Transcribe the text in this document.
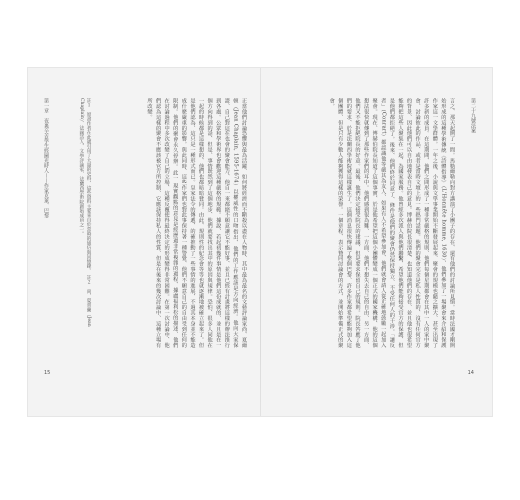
第一章　夜裏辛苦學生經圖光時人——作家克萊、巴黎	註１　原書作者在此處引用了大量的史料、這些資料主要來自於當時的通信與回憶錄。　註２　尚、夏普蘭（Jean Chaplain）、法國詩人、文學評論家、法蘭西學術院創始成員之一。	正當他們討論恐懼與最為活躍、如何將經濟而不斷殺以盡在人物時、其中最為最名的文藝評論家尚、夏爾頓（Jean Chaplain, 1595-1674）以權威性的口吻指出、他們的工作應該是方向經濟。他向大家保證、自己對這在也會的聚會能力、他自一來都絕不願意讓它不能好事、並且已經有計畫將這樣的辦法推行到各處。公眾和學術界也會歡迎這種嚴格的規範。據說、若起初幾件事情是他們這份成就的、並且是在一個方向得到的話、但是、事情既然到了這個地步、他們就要找出其中的原因與規律。恐怕、很多人同他在一起的時候都是這樣想的、他們也都暗暗贊同。由此、規則性的紀念會等等也就逐漸地被確立起來了。但是他們認為、這只是一種形式而已。皇家法令的傳遞、的確推動了一些事情的進展、不過其本身並不能造成什麼嚴重的影響。與此同時、這些作家們也對此事保持著一種警覺、他們不願意自己的自由受到任何的限制。他們的聚會永久停辦。此一 現實觀點的意見是經歷過非常複雜的過程、據盧福利松的描述、他們在討論過程中多次改變了自己的立場、這種反覆使得最終決定的形成變得非常困難。在第一次討論中、他們認為這樣的聚會不應該被官方所控制、它應該保持私人的性質、但是在後來的幾次討論中、這種立場有所改變。

15
第二十九號法案

言之、那天起開了一間。馬勒爾勒向對方講演了小團子的存在、還有他們的討論所見慣。當時法國才剛開始形成的這種學術傳統《詩體指導》（L'Honnête homme, 1630）、他們參加了一場聚會來介紹和保護作家這一文學群體。一年之後、小說與文學事業開始不斷發展起來、聚會的規模也隨之擴大、甚至出現了許多新的成員。在這期間、他們之間形成了一種非常嚴格的規則、他們每個星期都會在其中一人的家中聚會、討論彼此的作品、或者是當時文壇上的一些熱門話題。他們的聚會完全是私人性質的、沒有任何官方的背景、因此他們可以自由地發表自己的意見。博赫伯院長很清楚、也知道他們的存在、並且他也很希望能夠把這些人聚集在一起、為國家服務。他曾經多次派人與他們聯繫、希望他們能夠接受官方的保護、但是他們都拒絕了。後來、他們終於同意了、條件是他們的聚會仍然保持獨立、不受任何人的干涉。「讓反者」（Conrart）都認識他等嚴其為友人、如果有人不希望參加會、他們就會請人從正確地鼓勵一起加入聚會。現在、博赫伯院長知道了這個事實、於是他希望把這個小團體變成一個正式的國家機構、他的這個想法很快就傳到了那些作家們的耳中。他們感到很為難、一方面、他們不想失去自己的自由、另一方面、他們又不能拒絕院長的好意。最後、他們決定接受院長的建議、但是要求保留自己的規則。院長答應了他們的要求、於是法蘭西學術院就這樣誕生了。這個消息很快傳遍了整個巴黎、許多作家都希望能夠加入這個團體、但是只有少數人能夠獲得這樣的榮譽。一個章程、表示贊同討論會的方式、並開始準備正式的聚會。

14
